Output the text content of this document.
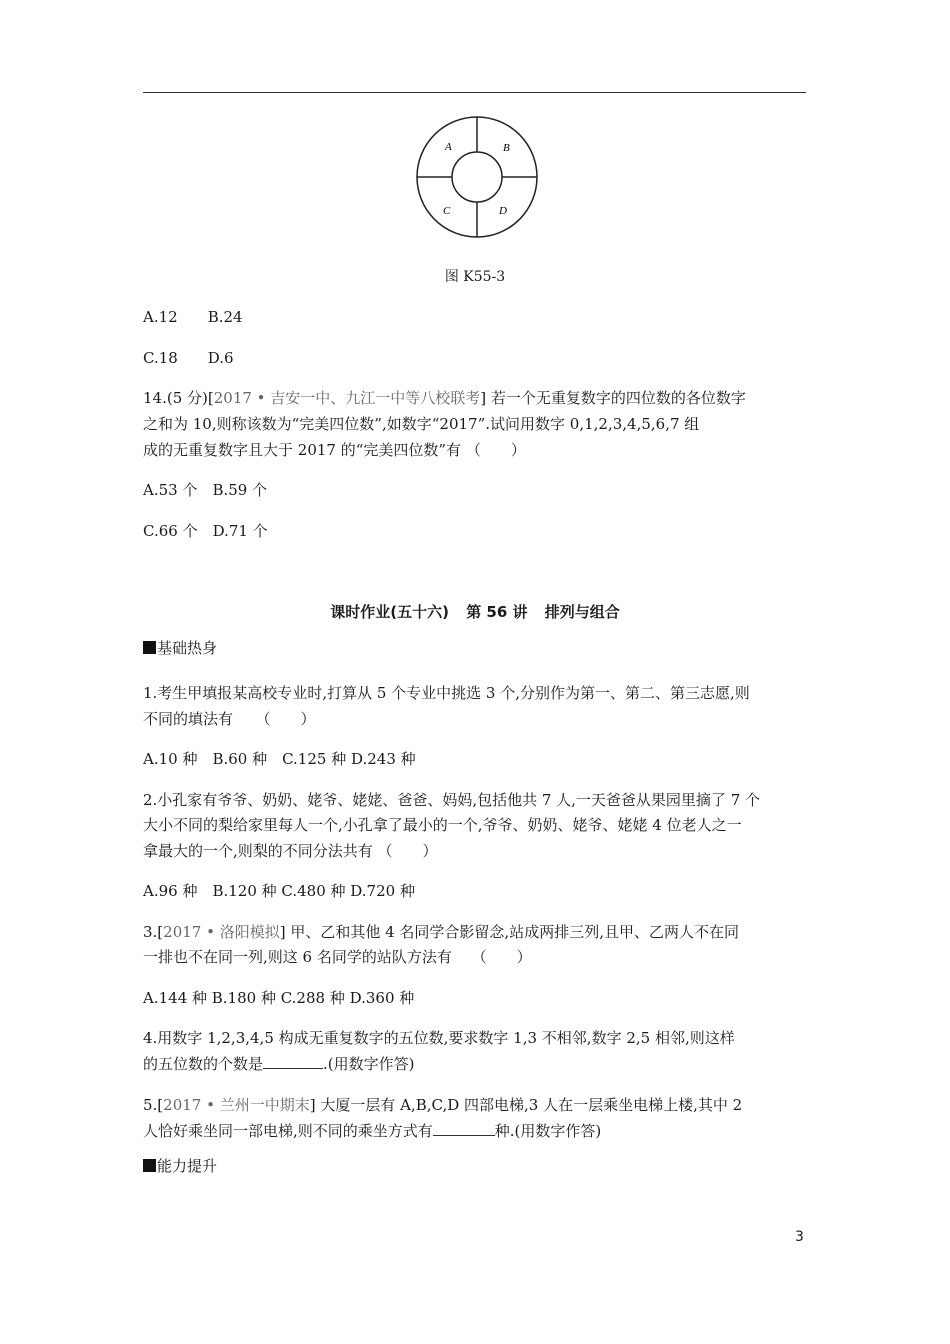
A	B
C	D
图 K55-3
A.12　　B.24
C.18　　D.6
14.(5 分)[2017 • 吉安一中、九江一中等八校联考] 若一个无重复数字的四位数的各位数字
之和为 10,则称该数为“完美四位数”,如数字“2017”.试问用数字 0,1,2,3,4,5,6,7 组
成的无重复数字且大于 2017 的“完美四位数”有 （　　）
A.53 个　B.59 个
C.66 个　D.71 个
课时作业(五十六) 第 56 讲 排列与组合
基础热身
1.考生甲填报某高校专业时,打算从 5 个专业中挑选 3 个,分别作为第一、第二、第三志愿,则
不同的填法有　　（　　）
A.10 种　B.60 种　C.125 种 D.243 种
2.小孔家有爷爷、奶奶、姥爷、姥姥、爸爸、妈妈,包括他共 7 人,一天爸爸从果园里摘了 7 个
大小不同的梨给家里每人一个,小孔拿了最小的一个,爷爷、奶奶、姥爷、姥姥 4 位老人之一
拿最大的一个,则梨的不同分法共有 （　　）
A.96 种　B.120 种 C.480 种 D.720 种
3.[2017 • 洛阳模拟] 甲、乙和其他 4 名同学合影留念,站成两排三列,且甲、乙两人不在同
一排也不在同一列,则这 6 名同学的站队方法有　 （　　）
A.144 种 B.180 种 C.288 种 D.360 种
4.用数字 1,2,3,4,5 构成无重复数字的五位数,要求数字 1,3 不相邻,数字 2,5 相邻,则这样
的五位数的个数是	.(用数字作答)
5.[2017 • 兰州一中期末] 大厦一层有 A,B,C,D 四部电梯,3 人在一层乘坐电梯上楼,其中 2
人恰好乘坐同一部电梯,则不同的乘坐方式有	种.(用数字作答)
能力提升
3
